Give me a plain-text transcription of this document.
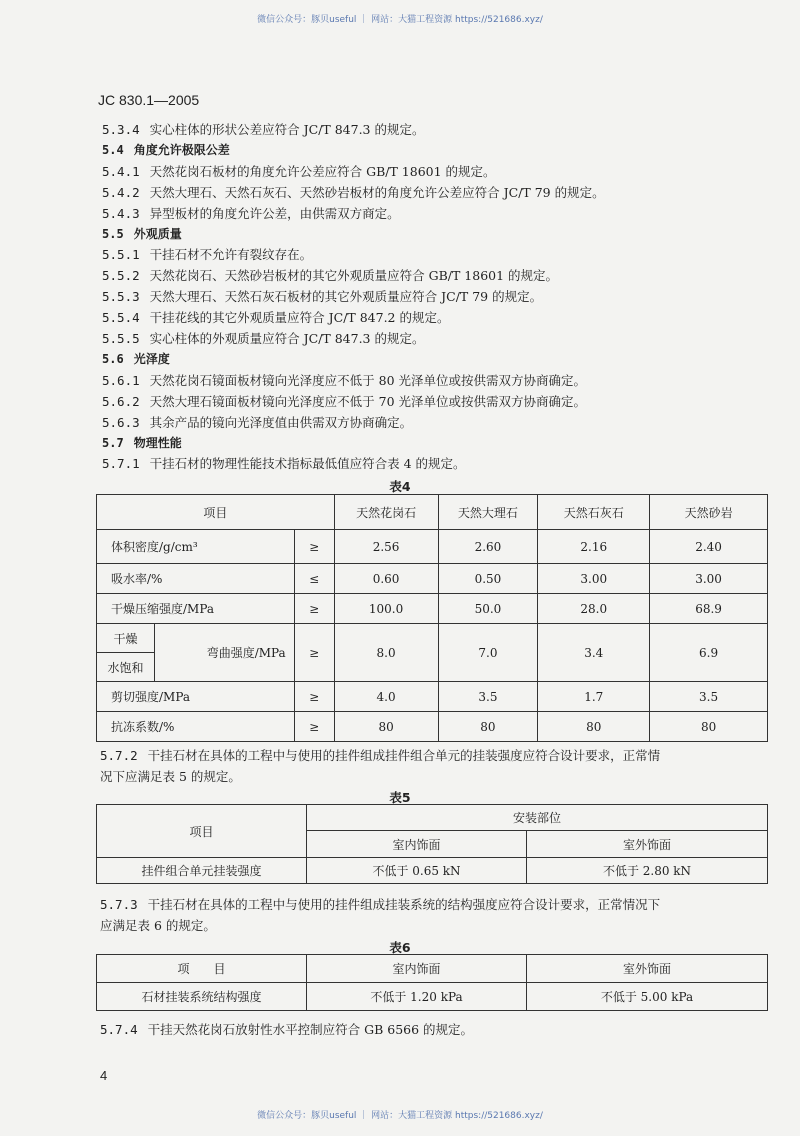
微信公众号：豚贝useful ｜ 网站：大猫工程资源 https://521686.xyz/
JC 830.1—2005
5.3.4 实心柱体的形状公差应符合 JC/T 847.3 的规定。
5.4 角度允许极限公差
5.4.1 天然花岗石板材的角度允许公差应符合 GB/T 18601 的规定。
5.4.2 天然大理石、天然石灰石、天然砂岩板材的角度允许公差应符合 JC/T 79 的规定。
5.4.3 异型板材的角度允许公差，由供需双方商定。
5.5 外观质量
5.5.1 干挂石材不允许有裂纹存在。
5.5.2 天然花岗石、天然砂岩板材的其它外观质量应符合 GB/T 18601 的规定。
5.5.3 天然大理石、天然石灰石板材的其它外观质量应符合 JC/T 79 的规定。
5.5.4 干挂花线的其它外观质量应符合 JC/T 847.2 的规定。
5.5.5 实心柱体的外观质量应符合 JC/T 847.3 的规定。
5.6 光泽度
5.6.1 天然花岗石镜面板材镜向光泽度应不低于 80 光泽单位或按供需双方协商确定。
5.6.2 天然大理石镜面板材镜向光泽度应不低于 70 光泽单位或按供需双方协商确定。
5.6.3 其余产品的镜向光泽度值由供需双方协商确定。
5.7 物理性能
5.7.1 干挂石材的物理性能技术指标最低值应符合表 4 的规定。
表4
项目			天然花岗石	天然大理石	天然石灰石	天然砂岩
体积密度/g/cm³		≥	2.56	2.60	2.16	2.40
吸水率/%		≤	0.60	0.50	3.00	3.00
干燥压缩强度/MPa		≥	100.0	50.0	28.0	68.9
干燥	弯曲强度/MPa	≥	8.0	7.0	3.4	6.9
水饱和						
剪切强度/MPa		≥	4.0	3.5	1.7	3.5
抗冻系数/%		≥	80	80	80	80
5.7.2 干挂石材在具体的工程中与使用的挂件组成挂件组合单元的挂装强度应符合设计要求，正常情
况下应满足表 5 的规定。
表5
项目	安装部位	
	室内饰面	室外饰面
挂件组合单元挂装强度	不低于 0.65 kN	不低于 2.80 kN
5.7.3 干挂石材在具体的工程中与使用的挂件组成挂装系统的结构强度应符合设计要求，正常情况下
应满足表 6 的规定。
表6
项　　目	室内饰面	室外饰面
石材挂装系统结构强度	不低于 1.20 kPa	不低于 5.00 kPa
5.7.4 干挂天然花岗石放射性水平控制应符合 GB 6566 的规定。
4
微信公众号：豚贝useful ｜ 网站：大猫工程资源 https://521686.xyz/
